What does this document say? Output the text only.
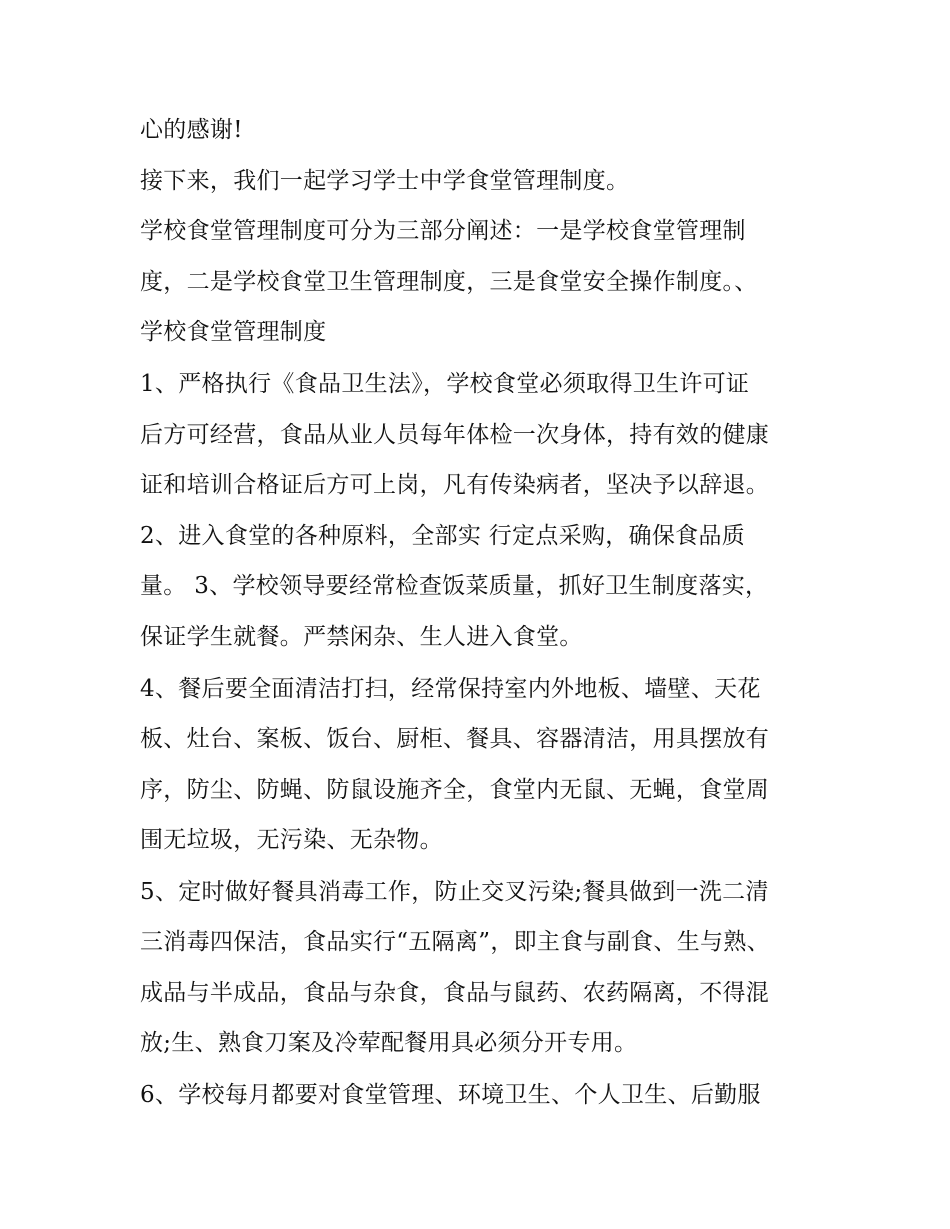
心的感谢!
接下来，我们一起学习学士中学食堂管理制度。
学校食堂管理制度可分为三部分阐述：一是学校食堂管理制
度，二是学校食堂卫生管理制度，三是食堂安全操作制度。、
学校食堂管理制度
1、严格执行《食品卫生法》，学校食堂必须取得卫生许可证
后方可经营，食品从业人员每年体检一次身体，持有效的健康
证和培训合格证后方可上岗，凡有传染病者，坚决予以辞退。
2、进入食堂的各种原料，全部实 行定点采购，确保食品质
量。 3、学校领导要经常检查饭菜质量，抓好卫生制度落实，
保证学生就餐。严禁闲杂、生人进入食堂。
4、餐后要全面清洁打扫，经常保持室内外地板、墙壁、天花
板、灶台、案板、饭台、厨柜、餐具、容器清洁，用具摆放有
序，防尘、防蝇、防鼠设施齐全，食堂内无鼠、无蝇，食堂周
围无垃圾，无污染、无杂物。
5、定时做好餐具消毒工作，防止交叉污染;餐具做到一洗二清
三消毒四保洁，食品实行“五隔离”，即主食与副食、生与熟、
成品与半成品，食品与杂食，食品与鼠药、农药隔离，不得混
放;生、熟食刀案及冷荤配餐用具必须分开专用。
6、学校每月都要对食堂管理、环境卫生、个人卫生、后勤服
